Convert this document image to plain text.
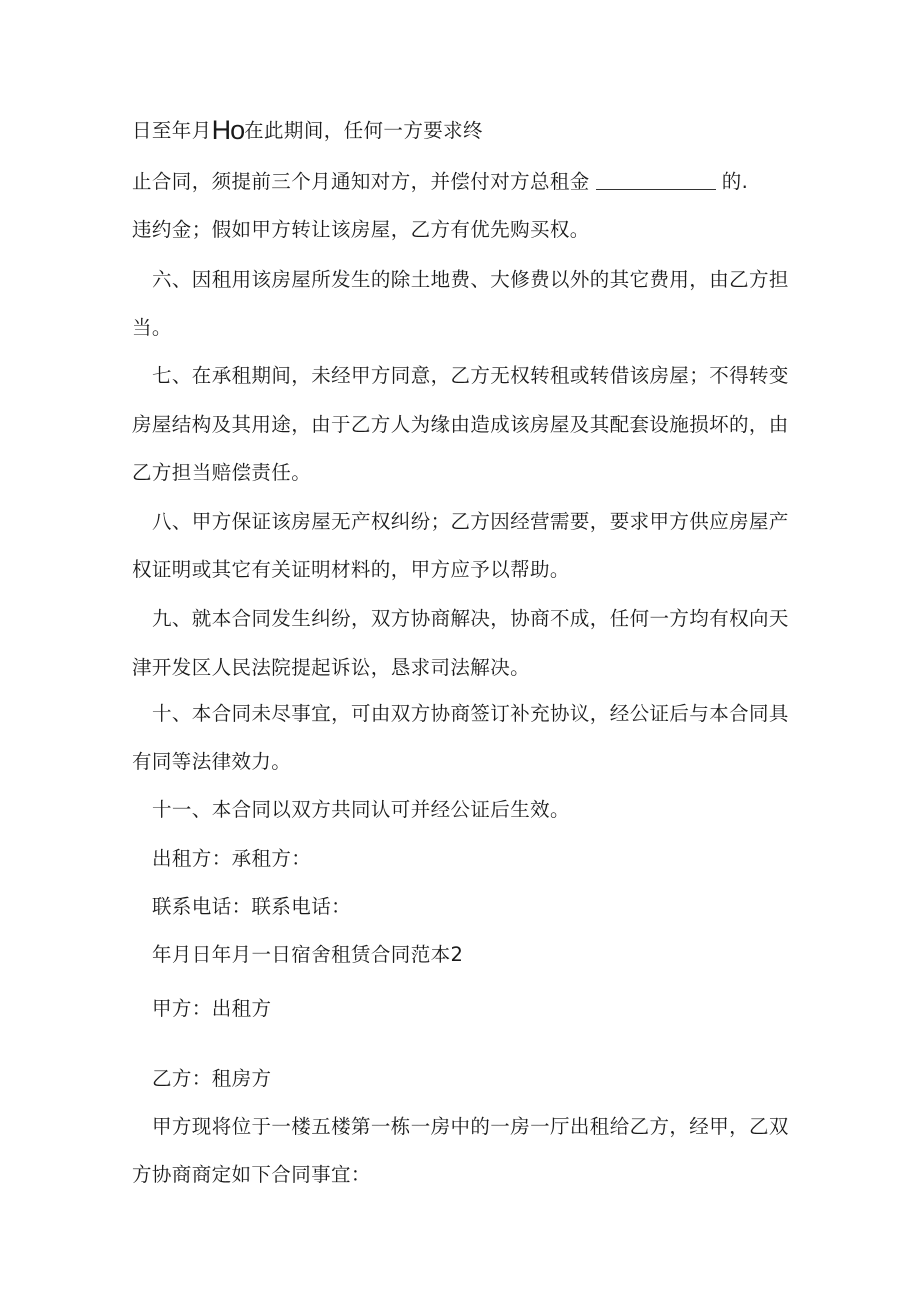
日至年月Ho在此期间，任何一方要求终
止合同，须提前三个月通知对方，并偿付对方总租金	的.
违约金；假如甲方转让该房屋，乙方有优先购买权。
六、因租用该房屋所发生的除土地费、大修费以外的其它费用，由乙方担
当。
七、在承租期间，未经甲方同意，乙方无权转租或转借该房屋；不得转变
房屋结构及其用途，由于乙方人为缘由造成该房屋及其配套设施损坏的，由
乙方担当赔偿责任。
八、甲方保证该房屋无产权纠纷；乙方因经营需要，要求甲方供应房屋产
权证明或其它有关证明材料的，甲方应予以帮助。
九、就本合同发生纠纷，双方协商解决，协商不成，任何一方均有权向天
津开发区人民法院提起诉讼，恳求司法解决。
十、本合同未尽事宜，可由双方协商签订补充协议，经公证后与本合同具
有同等法律效力。
十一、本合同以双方共同认可并经公证后生效。
出租方：承租方：
联系电话：联系电话：
年月日年月一日宿舍租赁合同范本2
甲方：出租方
乙方：租房方
甲方现将位于一楼五楼第一栋一房中的一房一厅出租给乙方，经甲，乙双
方协商商定如下合同事宜：
